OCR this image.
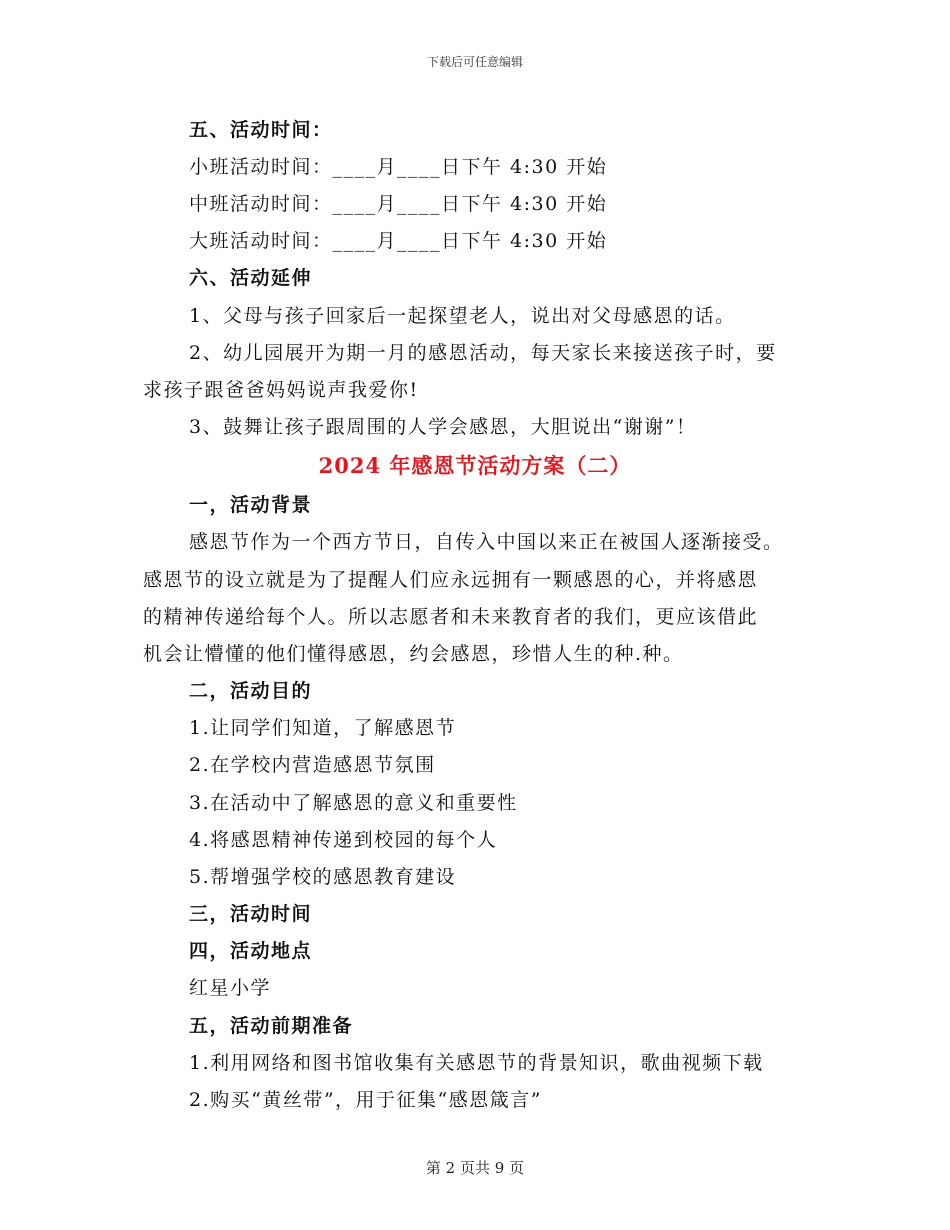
下载后可任意编辑
五、活动时间：
小班活动时间：____月____日下午 4:30 开始
中班活动时间：____月____日下午 4:30 开始
大班活动时间：____月____日下午 4:30 开始
六、活动延伸
1、父母与孩子回家后一起探望老人，说出对父母感恩的话。
2、幼儿园展开为期一月的感恩活动，每天家长来接送孩子时，要
求孩子跟爸爸妈妈说声我爱你!
3、鼓舞让孩子跟周围的人学会感恩，大胆说出“谢谢”！
2024 年感恩节活动方案（二）
一，活动背景
感恩节作为一个西方节日，自传入中国以来正在被国人逐渐接受。
感恩节的设立就是为了提醒人们应永远拥有一颗感恩的心，并将感恩
的精神传递给每个人。所以志愿者和未来教育者的我们，更应该借此
机会让懵懂的他们懂得感恩，约会感恩，珍惜人生的种.种。
二，活动目的
1.让同学们知道，了解感恩节
2.在学校内营造感恩节氛围
3.在活动中了解感恩的意义和重要性
4.将感恩精神传递到校园的每个人
5.帮增强学校的感恩教育建设
三，活动时间
四，活动地点
红星小学
五，活动前期准备
1.利用网络和图书馆收集有关感恩节的背景知识，歌曲视频下载
2.购买“黄丝带”，用于征集“感恩箴言”
第 2 页共 9 页
